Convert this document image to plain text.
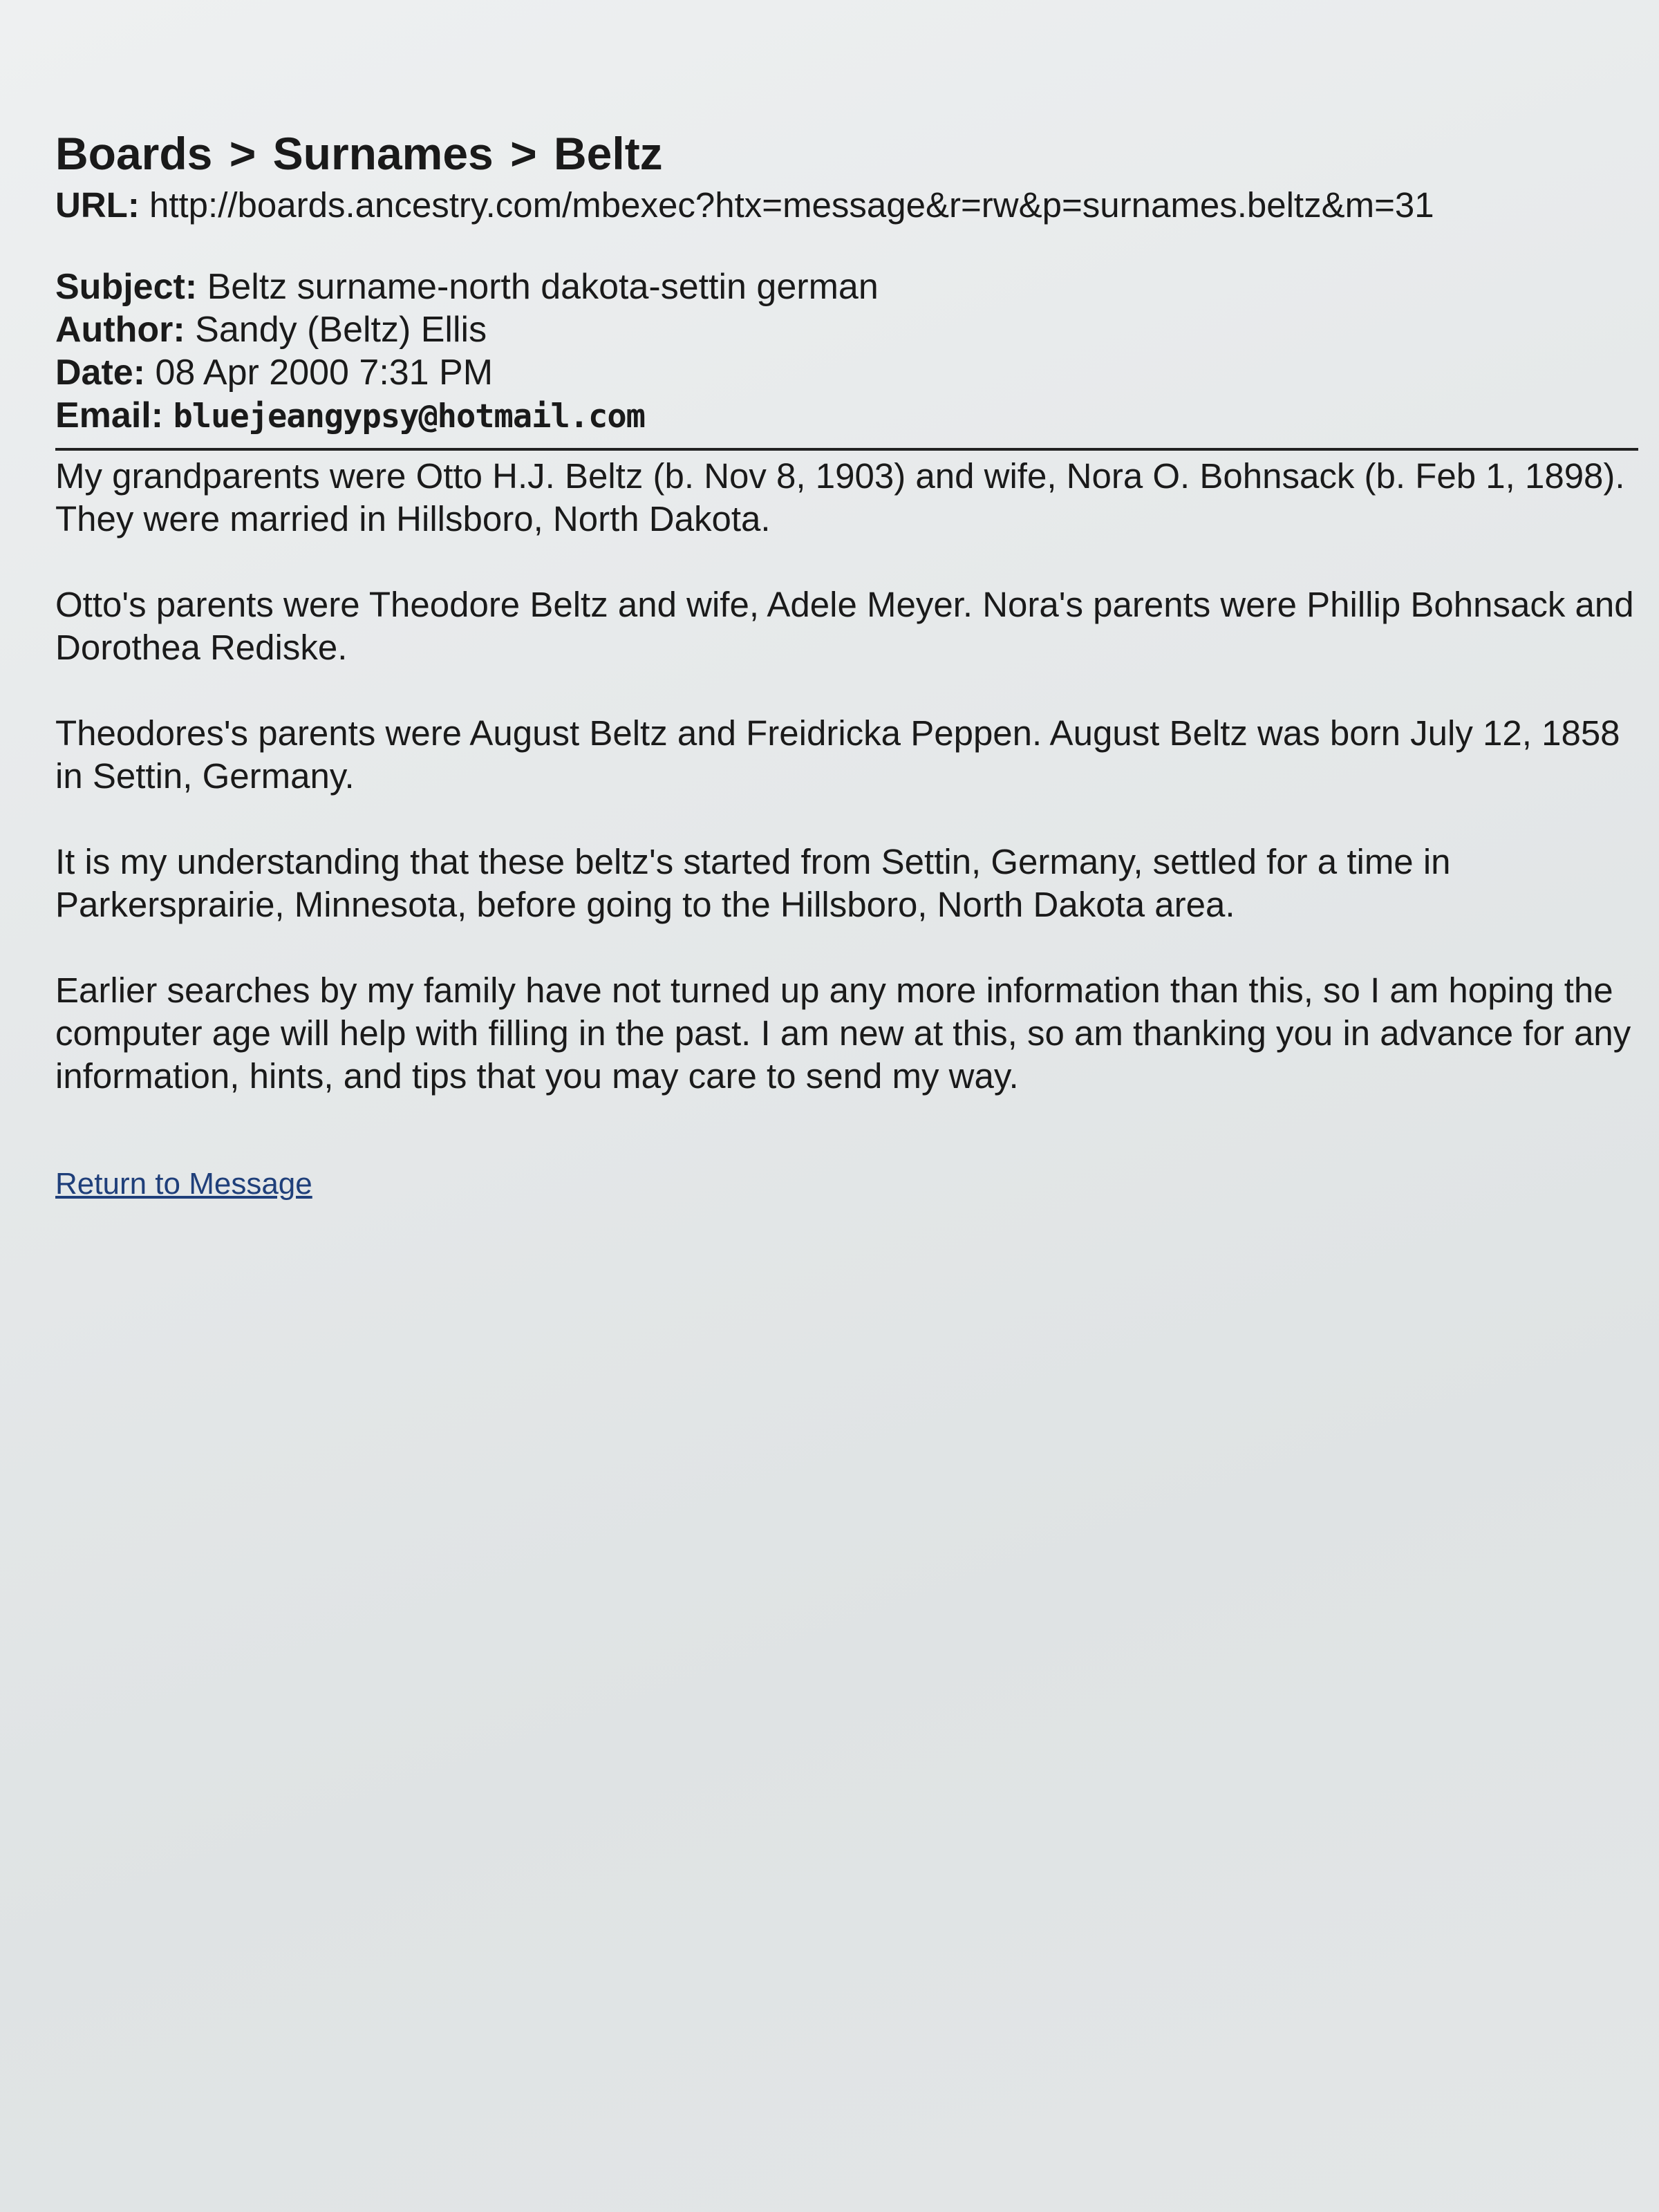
Boards > Surnames > Beltz
URL: http://boards.ancestry.com/mbexec?htx=message&r=rw&p=surnames.beltz&m=31
Subject: Beltz surname-north dakota-settin german
Author: Sandy (Beltz) Ellis
Date: 08 Apr 2000 7:31 PM
Email: bluejeangypsy@hotmail.com

My grandparents were Otto H.J. Beltz (b. Nov 8, 1903) and wife, Nora O. Bohnsack (b. Feb 1, 1898). They were married in Hillsboro, North Dakota.

Otto's parents were Theodore Beltz and wife, Adele Meyer. Nora's parents were Phillip Bohnsack and Dorothea Rediske.

Theodores's parents were August Beltz and Freidricka Peppen. August Beltz was born July 12, 1858 in Settin, Germany.

It is my understanding that these beltz's started from Settin, Germany, settled for a time in Parkersprairie, Minnesota, before going to the Hillsboro, North Dakota area.

Earlier searches by my family have not turned up any more information than this, so I am hoping the computer age will help with filling in the past. I am new at this, so am thanking you in advance for any information, hints, and tips that you may care to send my way.

Return to Message
